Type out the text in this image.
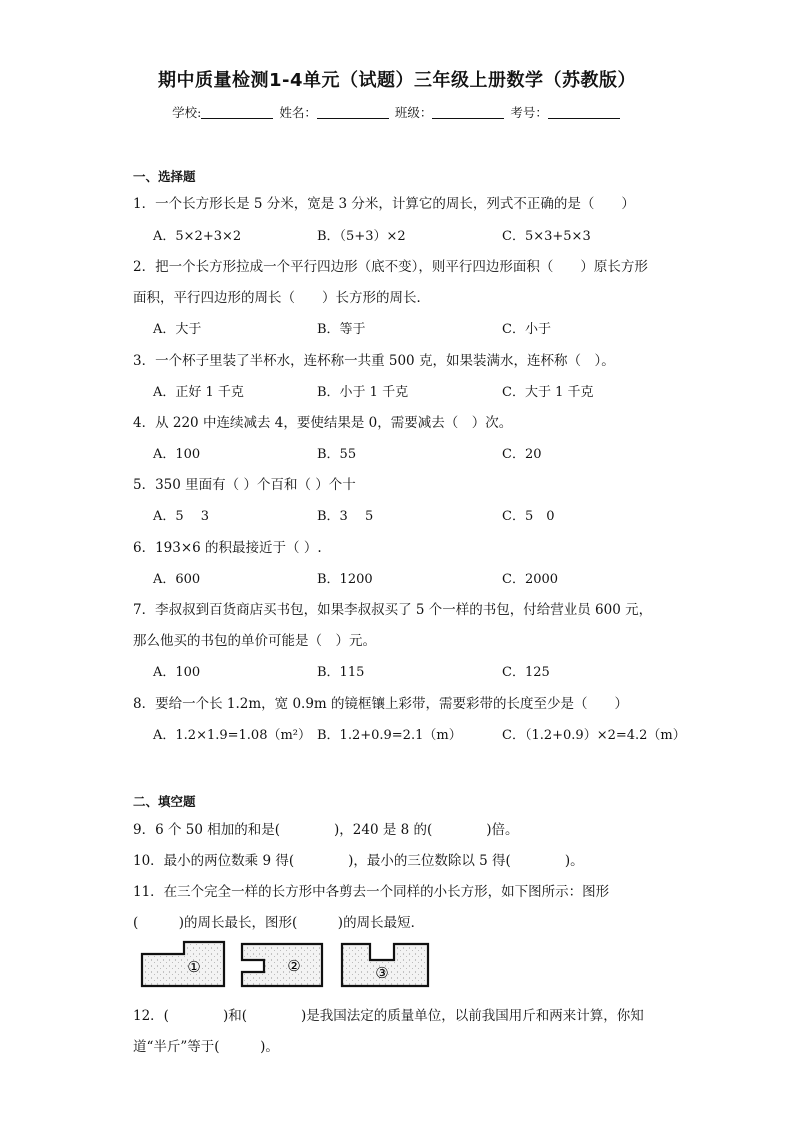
期中质量检测1-4单元（试题）三年级上册数学（苏教版）
学校:	姓名：	班级：	考号：
一、选择题
1．一个长方形长是 5 分米，宽是 3 分米，计算它的周长，列式不正确的是（　　）
A．5×2+3×2	B．（5+3）×2	C．5×3+5×3
2．把一个长方形拉成一个平行四边形（底不变），则平行四边形面积（　　）原长方形
面积，平行四边形的周长（　　）长方形的周长．
A．大于	B．等于	C．小于
3．一个杯子里装了半杯水，连杯称一共重 500 克，如果装满水，连杯称（　）。
A．正好 1 千克	B．小于 1 千克	C．大于 1 千克
4．从 220 中连续减去 4，要使结果是 0，需要减去（　）次。
A．100	B．55	C．20
5．350 里面有（ ）个百和（ ）个十
A．5　 3	B．3　 5	C．5　0
6．193×6 的积最接近于（ ）.
A．600	B．1200	C．2000
7．李叔叔到百货商店买书包，如果李叔叔买了 5 个一样的书包，付给营业员 600 元，
那么他买的书包的单价可能是（　）元。
A．100	B．115	C．125
8．要给一个长 1.2m，宽 0.9m 的镜框镶上彩带，需要彩带的长度至少是（　　）
A．1.2×1.9=1.08（m²） B．1.2+0.9=2.1（m）	C．（1.2+0.9）×2=4.2（m）
二、填空题
9．6 个 50 相加的和是(　　　　)，240 是 8 的(　　　　)倍。
10．最小的两位数乘 9 得(　　　　)，最小的三位数除以 5 得(　　　　)。
11．在三个完全一样的长方形中各剪去一个同样的小长方形，如下图所示：图形
(　　　)的周长最长，图形(　　　)的周长最短．
①	②	③
12．(　　　　)和(　　　　)是我国法定的质量单位，以前我国用斤和两来计算，你知
道“半斤”等于(　　　)。
